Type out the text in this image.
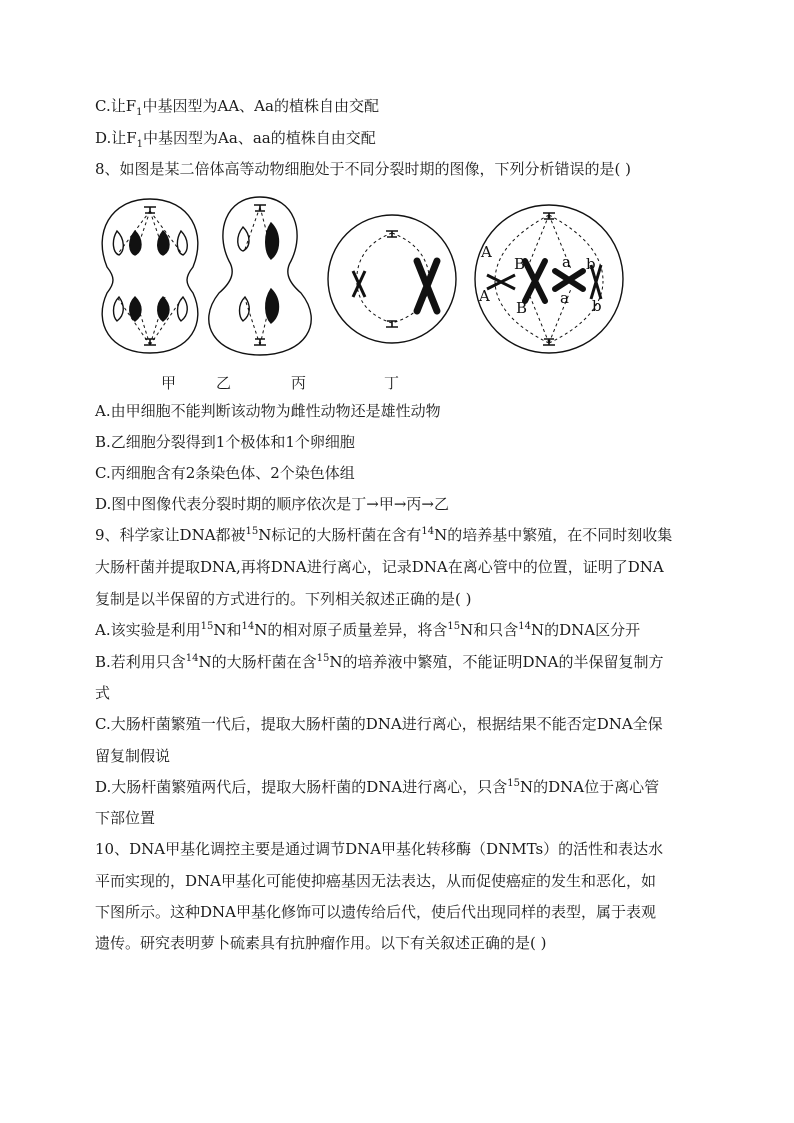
C.让$F_1$中基因型为AA、Aa的植株自由交配
D.让$F_1$中基因型为Aa、aa的植株自由交配
8、如图是某二倍体高等动物细胞处于不同分裂时期的图像，下列分析错误的是( )
A
A
B
B
a
a
b
b
甲	乙	丙	丁
A.由甲细胞不能判断该动物为雌性动物还是雄性动物
B.乙细胞分裂得到1个极体和1个卵细胞
C.丙细胞含有2条染色体、2个染色体组
D.图中图像代表分裂时期的顺序依次是丁→甲→丙→乙
9、科学家让DNA都被$^{15}$N标记的大肠杆菌在含有$^{14}$N的培养基中繁殖，在不同时刻收集
大肠杆菌并提取DNA,再将DNA进行离心，记录DNA在离心管中的位置，证明了DNA
复制是以半保留的方式进行的。下列相关叙述正确的是( )
A.该实验是利用$^{15}$N和$^{14}$N的相对原子质量差异，将含$^{15}$N和只含$^{14}$N的DNA区分开
B.若利用只含$^{14}$N的大肠杆菌在含$^{15}$N的培养液中繁殖，不能证明DNA的半保留复制方
式
C.大肠杆菌繁殖一代后，提取大肠杆菌的DNA进行离心，根据结果不能否定DNA全保
留复制假说
D.大肠杆菌繁殖两代后，提取大肠杆菌的DNA进行离心，只含$^{15}$N的DNA位于离心管
下部位置
10、DNA甲基化调控主要是通过调节DNA甲基化转移酶（DNMTs）的活性和表达水
平而实现的，DNA甲基化可能使抑癌基因无法表达，从而促使癌症的发生和恶化，如
下图所示。这种DNA甲基化修饰可以遗传给后代，使后代出现同样的表型，属于表观
遗传。研究表明萝卜硫素具有抗肿瘤作用。以下有关叙述正确的是( )
